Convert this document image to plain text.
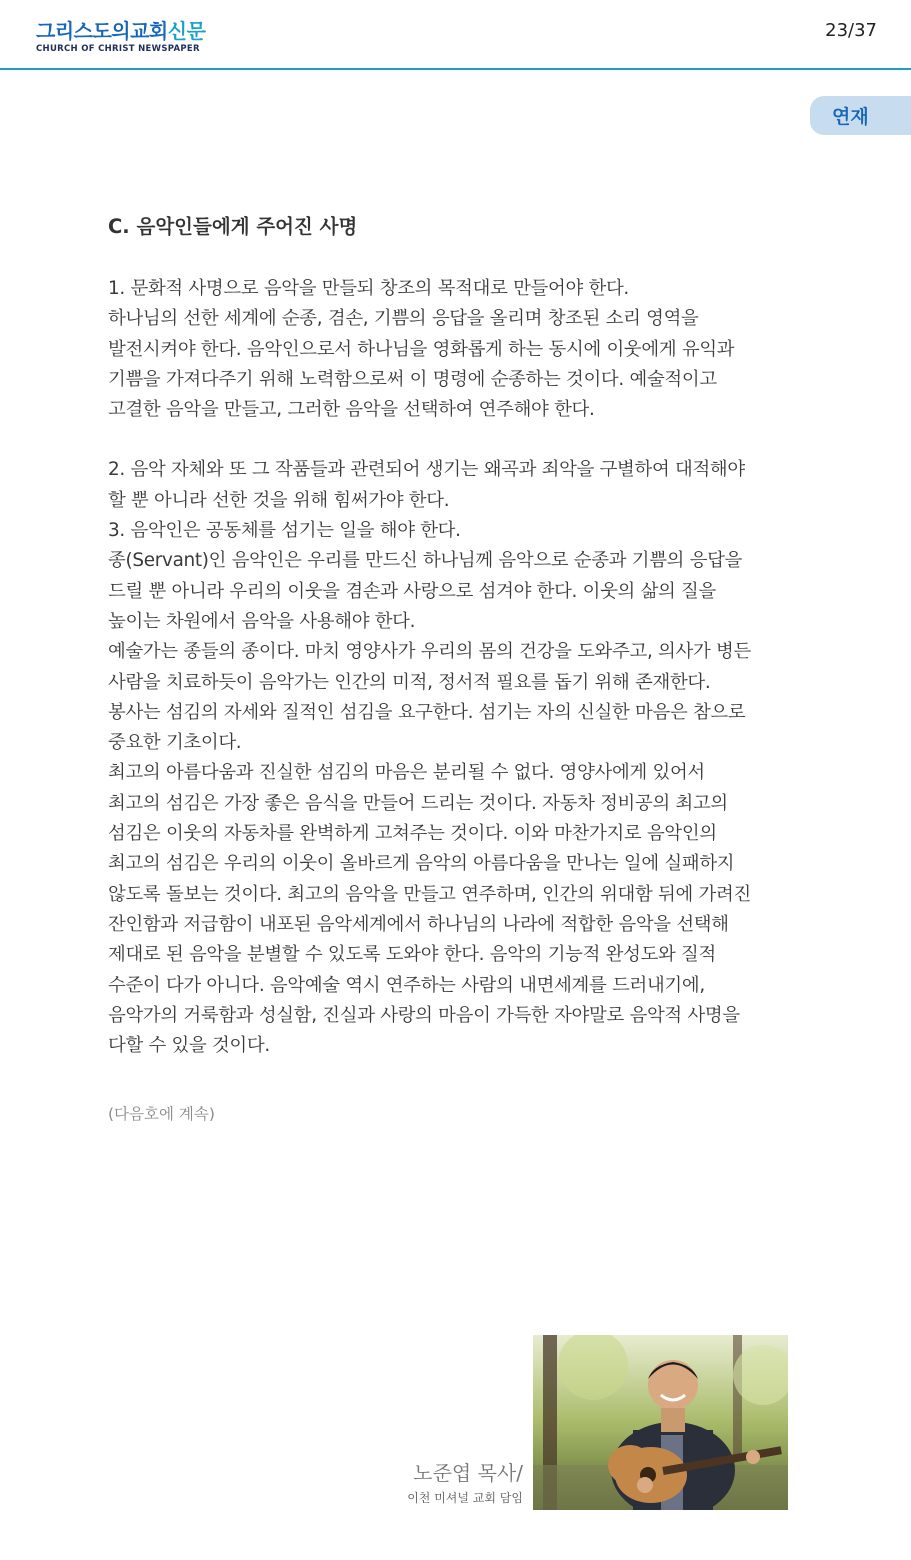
그리스도의교회신문
CHURCH OF CHRIST NEWSPAPER
23/37
연재
C. 음악인들에게 주어진 사명
1. 문화적 사명으로 음악을 만들되 창조의 목적대로 만들어야 한다.
하나님의 선한 세계에 순종, 겸손, 기쁨의 응답을 올리며 창조된 소리 영역을
발전시켜야 한다. 음악인으로서 하나님을 영화롭게 하는 동시에 이웃에게 유익과
기쁨을 가져다주기 위해 노력함으로써 이 명령에 순종하는 것이다. 예술적이고
고결한 음악을 만들고, 그러한 음악을 선택하여 연주해야 한다.
2. 음악 자체와 또 그 작품들과 관련되어 생기는 왜곡과 죄악을 구별하여 대적해야
할 뿐 아니라 선한 것을 위해 힘써가야 한다.
3. 음악인은 공동체를 섬기는 일을 해야 한다.
종(Servant)인 음악인은 우리를 만드신 하나님께 음악으로 순종과 기쁨의 응답을
드릴 뿐 아니라 우리의 이웃을 겸손과 사랑으로 섬겨야 한다. 이웃의 삶의 질을
높이는 차원에서 음악을 사용해야 한다.
예술가는 종들의 종이다. 마치 영양사가 우리의 몸의 건강을 도와주고, 의사가 병든
사람을 치료하듯이 음악가는 인간의 미적, 정서적 필요를 돕기 위해 존재한다.
봉사는 섬김의 자세와 질적인 섬김을 요구한다. 섬기는 자의 신실한 마음은 참으로
중요한 기초이다.
최고의 아름다움과 진실한 섬김의 마음은 분리될 수 없다. 영양사에게 있어서
최고의 섬김은 가장 좋은 음식을 만들어 드리는 것이다. 자동차 정비공의 최고의
섬김은 이웃의 자동차를 완벽하게 고쳐주는 것이다. 이와 마찬가지로 음악인의
최고의 섬김은 우리의 이웃이 올바르게 음악의 아름다움을 만나는 일에 실패하지
않도록 돌보는 것이다. 최고의 음악을 만들고 연주하며, 인간의 위대함 뒤에 가려진
잔인함과 저급함이 내포된 음악세계에서 하나님의 나라에 적합한 음악을 선택해
제대로 된 음악을 분별할 수 있도록 도와야 한다. 음악의 기능적 완성도와 질적
수준이 다가 아니다. 음악예술 역시 연주하는 사람의 내면세계를 드러내기에,
음악가의 거룩함과 성실함, 진실과 사랑의 마음이 가득한 자야말로 음악적 사명을
다할 수 있을 것이다.
(다음호에 계속)
노준엽 목사/
이천 미셔널 교회 담임
